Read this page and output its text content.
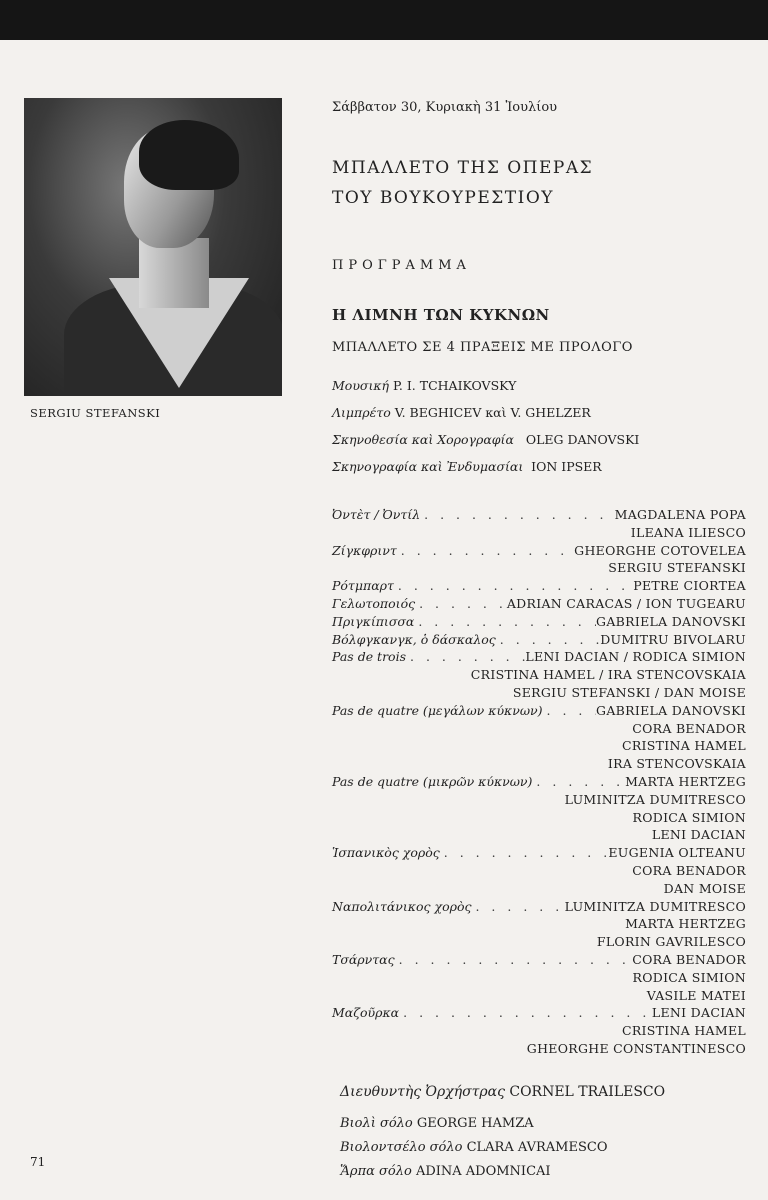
SERGIU STEFANSKI
Σάββατον 30, Κυριακὴ 31 Ἰουλίου
ΜΠΑΛΛΕΤΟ ΤΗΣ ΟΠΕΡΑΣ
ΤΟΥ ΒΟΥΚΟΥΡΕΣΤΙΟΥ
ΠΡΟΓΡΑΜΜΑ
Η ΛΙΜΝΗ ΤΩΝ ΚΥΚΝΩΝ
ΜΠΑΛΛΕΤΟ ΣΕ 4 ΠΡΑΞΕΙΣ ΜΕ ΠΡΟΛΟΓΟ
Μουσική P. I. TCHAIKOVSKY
Λιμπρέτο V. BEGHICEV καὶ V. GHELZER
Σκηνοθεσία καὶ Χορογραφία OLEG DANOVSKI
Σκηνογραφία καὶ Ἐνδυμασίαι ION IPSER
Ὀντὲτ / Ὀντίλ . . .	MAGDALENA POPA
ILEANA ILIESCO
Ζίγκφριντ . . .	GHEORGHE COTOVELEA
SERGIU STEFANSKI
Ρότμπαρτ . . .	PETRE CIORTEA
Γελωτοποιός . . .	ADRIAN CARACAS / ION TUGEARU
Πριγκίπισσα . . .	GABRIELA DANOVSKI
Βόλφγκανγκ, ὁ δάσκαλος . . .	DUMITRU BIVOLARU
Pas de trois . . .	LENI DACIAN / RODICA SIMION
CRISTINA HAMEL / IRA STENCOVSKAIA
SERGIU STEFANSKI / DAN MOISE
Pas de quatre (μεγάλων κύκνων) . . .	GABRIELA DANOVSKI
CORA BENADOR
CRISTINA HAMEL
IRA STENCOVSKAIA
Pas de quatre (μικρῶν κύκνων) . . .	MARTA HERTZEG
LUMINITZA DUMITRESCO
RODICA SIMION
LENI DACIAN
Ἱσπανικὸς χορὸς . . .	EUGENIA OLTEANU
CORA BENADOR
DAN MOISE
Ναπολιτάνικος χορὸς . . .	LUMINITZA DUMITRESCO
MARTA HERTZEG
FLORIN GAVRILESCO
Τσάρντας . . .	CORA BENADOR
RODICA SIMION
VASILE MATEI
Μαζοῦρκα . . .	LENI DACIAN
CRISTINA HAMEL
GHEORGHE CONSTANTINESCO
Διευθυντὴς Ὀρχήστρας CORNEL TRAILESCO
Βιολὶ σόλο GEORGE HAMZA
Βιολοντσέλο σόλο CLARA AVRAMESCO
Ἅρπα σόλο ADINA ADOMNICAI
71
